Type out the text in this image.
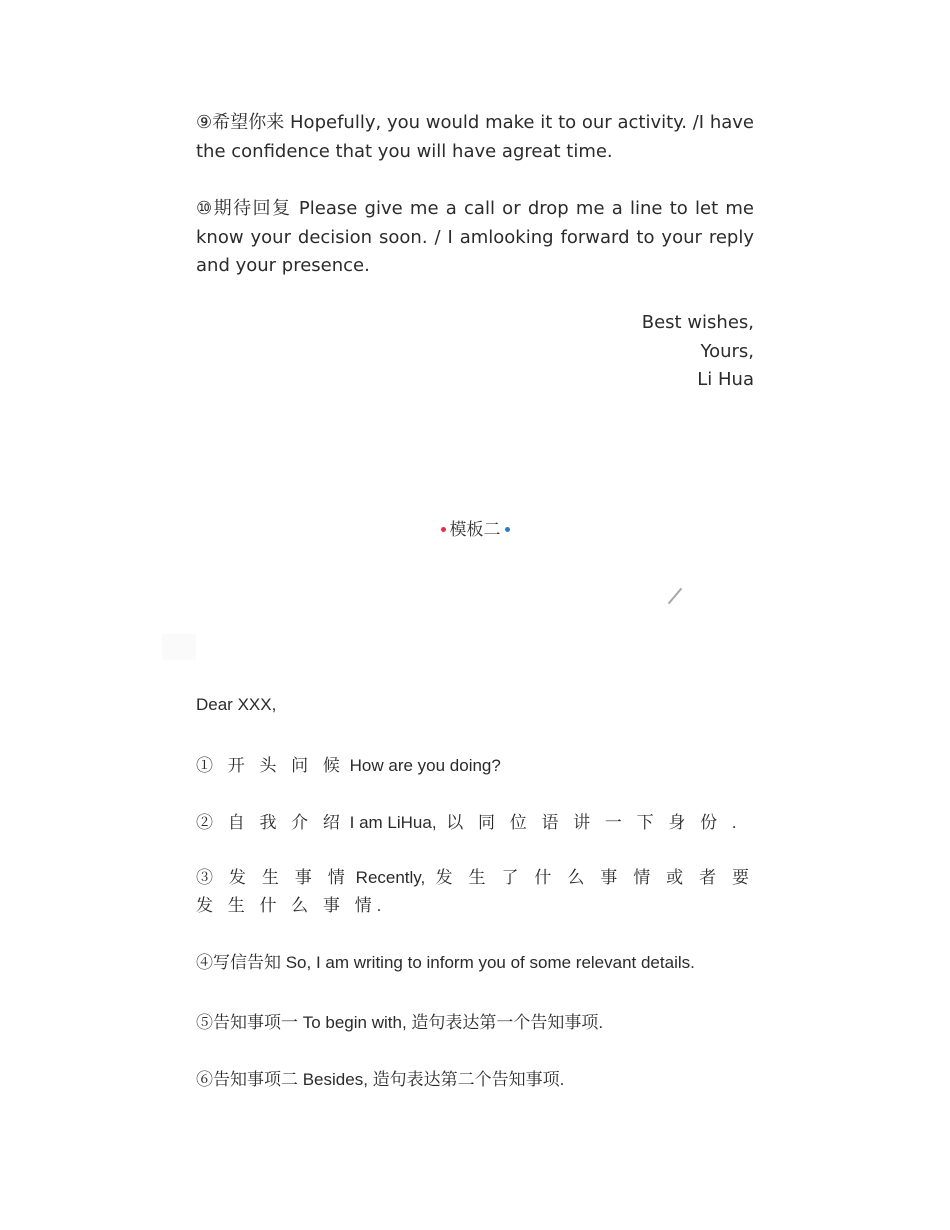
⑨希望你来 Hopefully, you would make it to our activity. /I have the confidence that you will have agreat time.

⑩期待回复 Please give me a call or drop me a line to let me know your decision soon. / I amlooking forward to your reply and your presence.

Best wishes,
Yours,
Li Hua
模板二

Dear XXX,

① 开 头 问 候 How are you doing?

② 自 我 介 绍 I am LiHua, 以 同 位 语 讲 一 下 身 份 .

③ 发 生 事 情 Recently, 发 生 了 什 么 事 情 或 者 要 发 生 什 么 事 情.

④写信告知 So, I am writing to inform you of some relevant details.

⑤告知事项一 To begin with, 造句表达第一个告知事项.

⑥告知事项二 Besides, 造句表达第二个告知事项.
